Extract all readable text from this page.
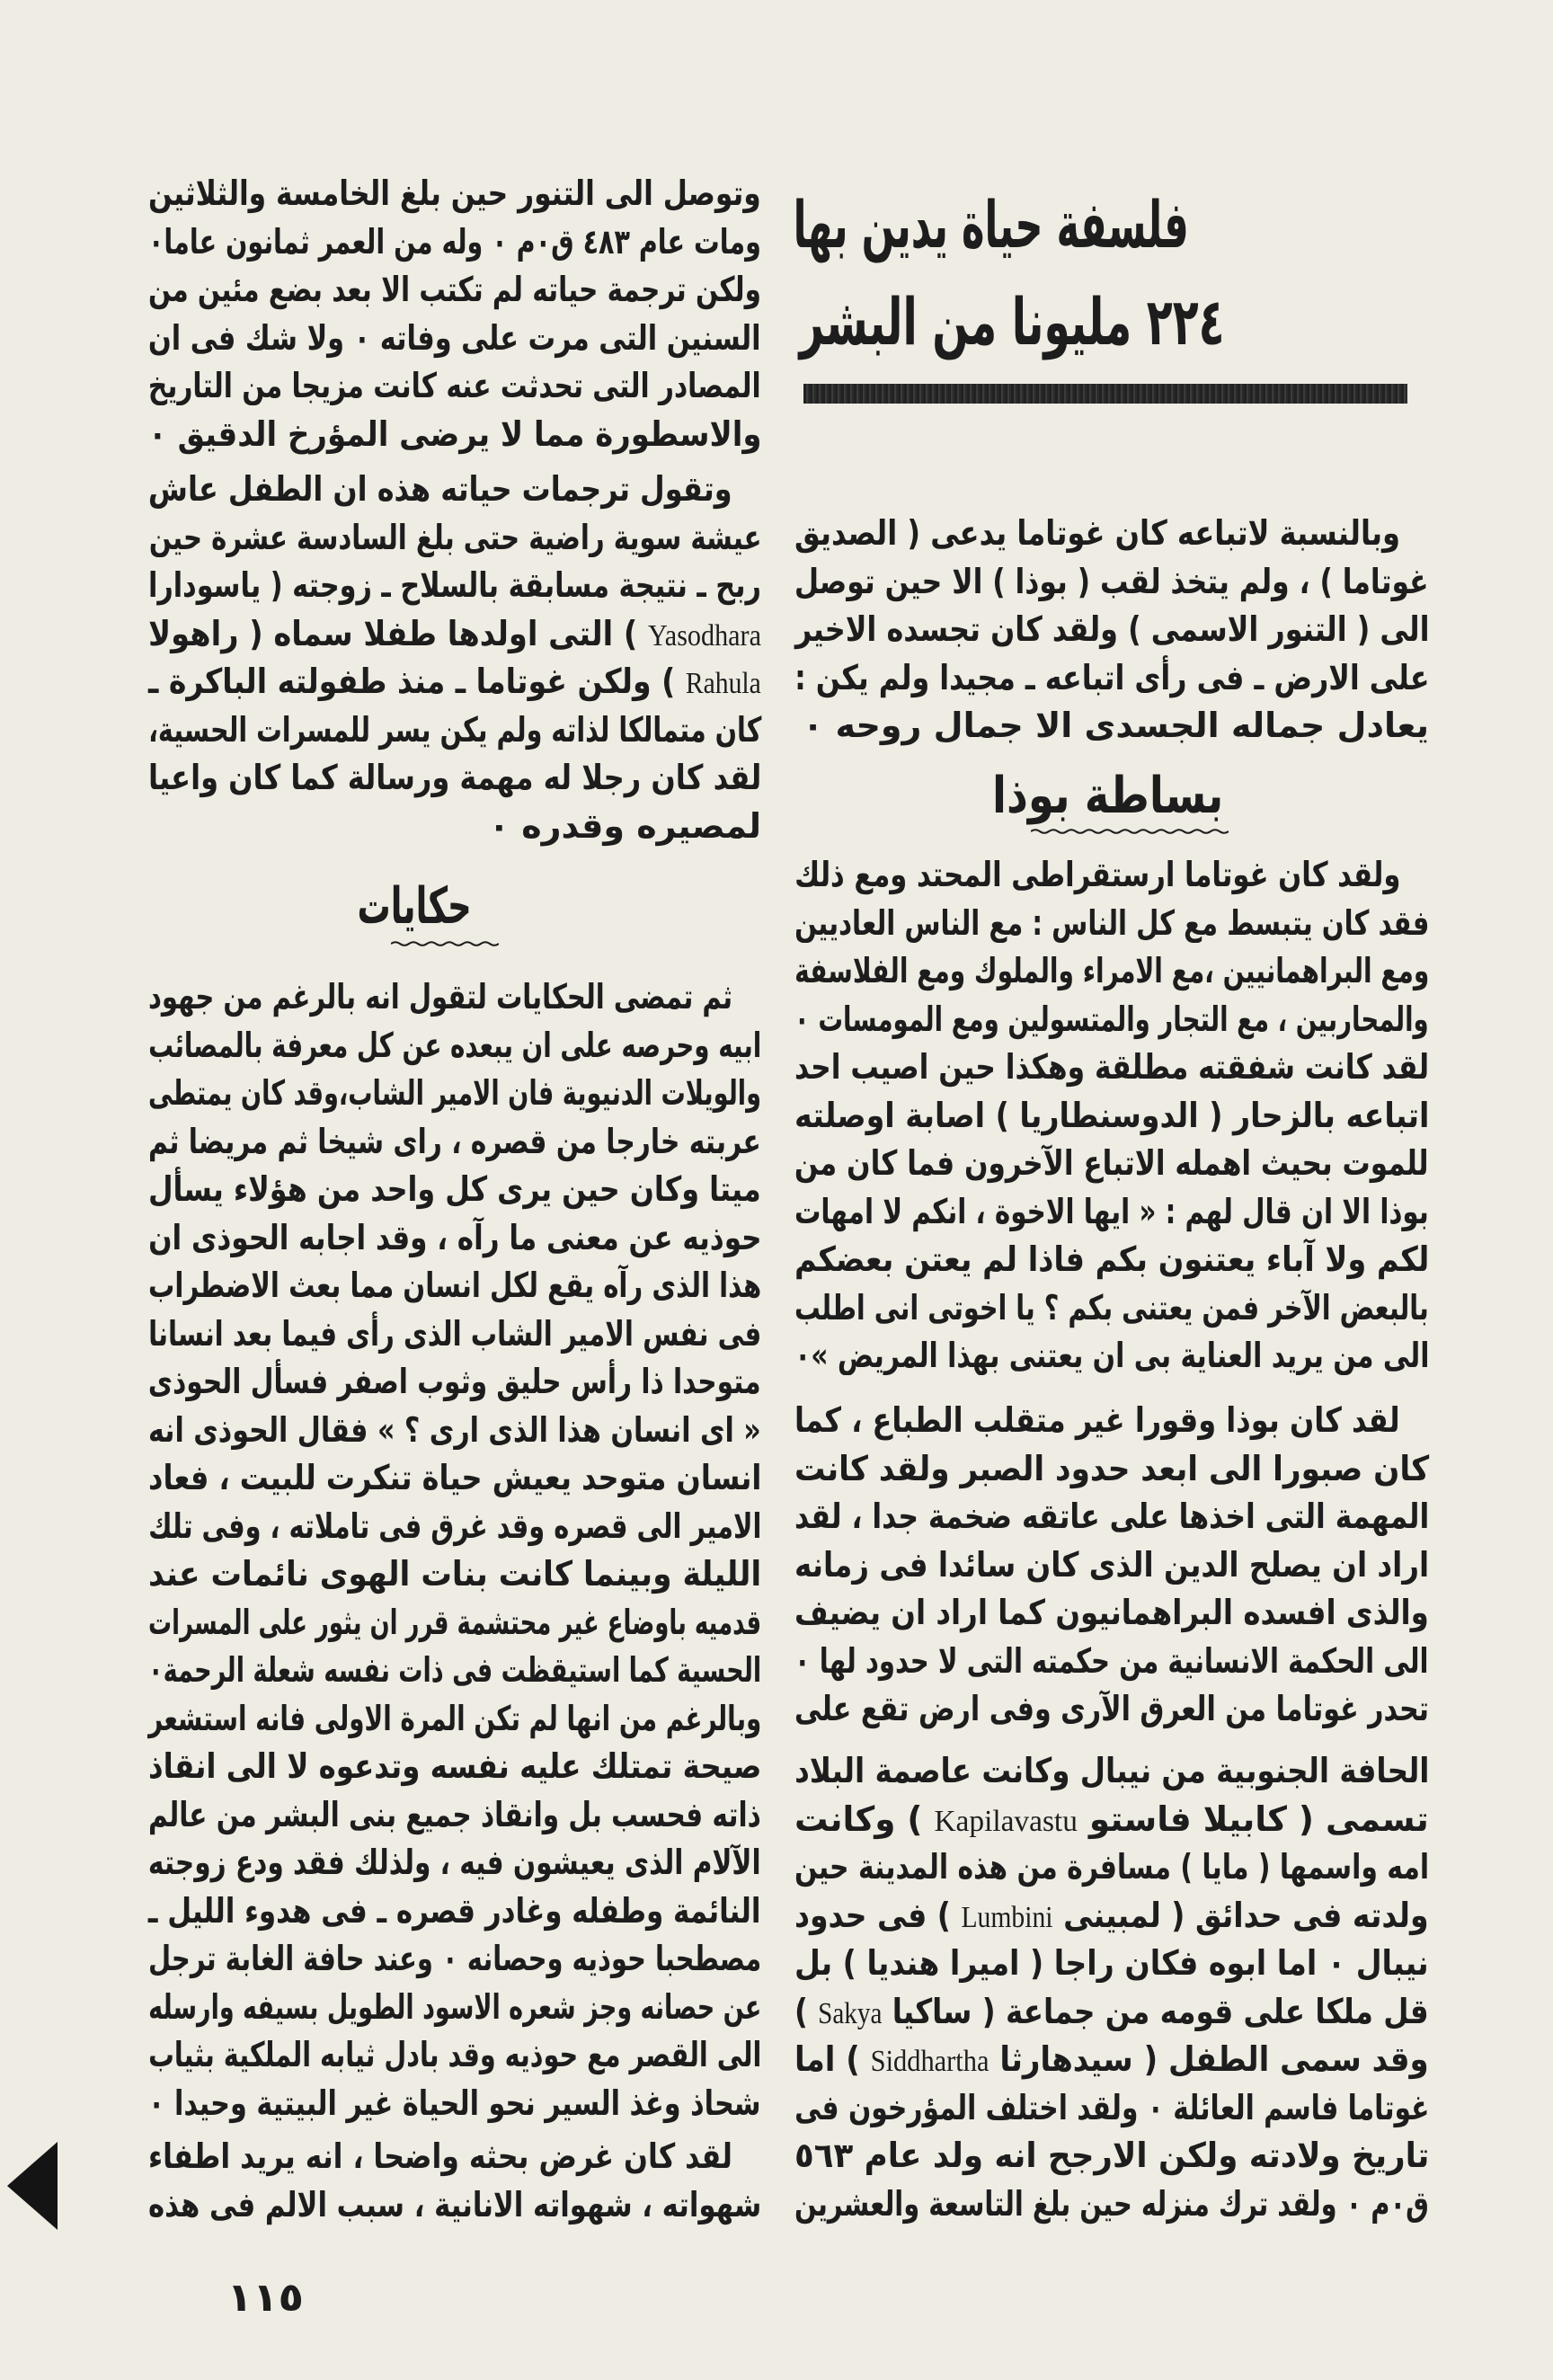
فلسفة حياة يدين بها
٢٢٤ مليونا من البشر
وبالنسبة لاتباعه كان غوتاما يدعى ( الصديق
غوتاما ) ، ولم يتخذ لقب ( بوذا ) الا حين توصل
الى ( التنور الاسمى ) ولقد كان تجسده الاخير
على الارض ـ فى رأى اتباعه ـ مجيدا ولم يكن :
يعادل جماله الجسدى الا جمال روحه ٠
بساطة بوذا
ولقد كان غوتاما ارستقراطى المحتد ومع ذلك
فقد كان يتبسط مع كل الناس : مع الناس العاديين
ومع البراهمانيين ،مع الامراء والملوك ومع الفلاسفة
والمحاربين ، مع التجار والمتسولين ومع المومسات ٠
لقد كانت شفقته مطلقة وهكذا حين اصيب احد
اتباعه بالزحار ( الدوسنطاريا ) اصابة اوصلته
للموت بحيث اهمله الاتباع الآخرون فما كان من
بوذا الا ان قال لهم : « ايها الاخوة ، انكم لا امهات
لكم ولا آباء يعتنون بكم فاذا لم يعتن بعضكم
بالبعض الآخر فمن يعتنى بكم ؟ يا اخوتى انى اطلب
الى من يريد العناية بى ان يعتنى بهذا المريض »٠
لقد كان بوذا وقورا غير متقلب الطباع ، كما
كان صبورا الى ابعد حدود الصبر ولقد كانت
المهمة التى اخذها على عاتقه ضخمة جدا ، لقد
اراد ان يصلح الدين الذى كان سائدا فى زمانه
والذى افسده البراهمانيون كما اراد ان يضيف
الى الحكمة الانسانية من حكمته التى لا حدود لها ٠
تحدر غوتاما من العرق الآرى وفى ارض تقع على
الحافة الجنوبية من نيبال وكانت عاصمة البلاد
تسمى ( كابيلا فاستو Kapilavastu ) وكانت
امه واسمها ( مايا ) مسافرة من هذه المدينة حين
ولدته فى حدائق ( لمبينى Lumbini ) فى حدود
نيبال ٠ اما ابوه فكان راجا ( اميرا هنديا ) بل
قل ملكا على قومه من جماعة ( ساكيا Sakya )
وقد سمى الطفل ( سيدهارثا Siddhartha ) اما
غوتاما فاسم العائلة ٠ ولقد اختلف المؤرخون فى
تاريخ ولادته ولكن الارجح انه ولد عام ٥٦٣
ق٠م ٠ ولقد ترك منزله حين بلغ التاسعة والعشرين
وتوصل الى التنور حين بلغ الخامسة والثلاثين
ومات عام ٤٨٣ ق٠م ٠ وله من العمر ثمانون عاما٠
ولكن ترجمة حياته لم تكتب الا بعد بضع مئين من
السنين التى مرت على وفاته ٠ ولا شك فى ان
المصادر التى تحدثت عنه كانت مزيجا من التاريخ
والاسطورة مما لا يرضى المؤرخ الدقيق ٠
وتقول ترجمات حياته هذه ان الطفل عاش
عيشة سوية راضية حتى بلغ السادسة عشرة حين
ربح ـ نتيجة مسابقة بالسلاح ـ زوجته ( ياسودارا
Yasodhara ) التى اولدها طفلا سماه ( راهولا
Rahula ) ولكن غوتاما ـ منذ طفولته الباكرة ـ
كان متمالكا لذاته ولم يكن يسر للمسرات الحسية،
لقد كان رجلا له مهمة ورسالة كما كان واعيا
لمصيره وقدره ٠
حكايات
ثم تمضى الحكايات لتقول انه بالرغم من جهود
ابيه وحرصه على ان يبعده عن كل معرفة بالمصائب
والويلات الدنيوية فان الامير الشاب،وقد كان يمتطى
عربته خارجا من قصره ، راى شيخا ثم مريضا ثم
ميتا وكان حين يرى كل واحد من هؤلاء يسأل
حوذيه عن معنى ما رآه ، وقد اجابه الحوذى ان
هذا الذى رآه يقع لكل انسان مما بعث الاضطراب
فى نفس الامير الشاب الذى رأى فيما بعد انسانا
متوحدا ذا رأس حليق وثوب اصفر فسأل الحوذى
« اى انسان هذا الذى ارى ؟ » فقال الحوذى انه
انسان متوحد يعيش حياة تنكرت للبيت ، فعاد
الامير الى قصره وقد غرق فى تاملاته ، وفى تلك
الليلة وبينما كانت بنات الهوى نائمات عند
قدميه باوضاع غير محتشمة قرر ان يثور على المسرات
الحسية كما استيقظت فى ذات نفسه شعلة الرحمة٠
وبالرغم من انها لم تكن المرة الاولى فانه استشعر
صيحة تمتلك عليه نفسه وتدعوه لا الى انقاذ
ذاته فحسب بل وانقاذ جميع بنى البشر من عالم
الآلام الذى يعيشون فيه ، ولذلك فقد ودع زوجته
النائمة وطفله وغادر قصره ـ فى هدوء الليل ـ
مصطحبا حوذيه وحصانه ٠ وعند حافة الغابة ترجل
عن حصانه وجز شعره الاسود الطويل بسيفه وارسله
الى القصر مع حوذيه وقد بادل ثيابه الملكية بثياب
شحاذ وغذ السير نحو الحياة غير البيتية وحيدا ٠
لقد كان غرض بحثه واضحا ، انه يريد اطفاء
شهواته ، شهواته الانانية ، سبب الالم فى هذه
١١٥
